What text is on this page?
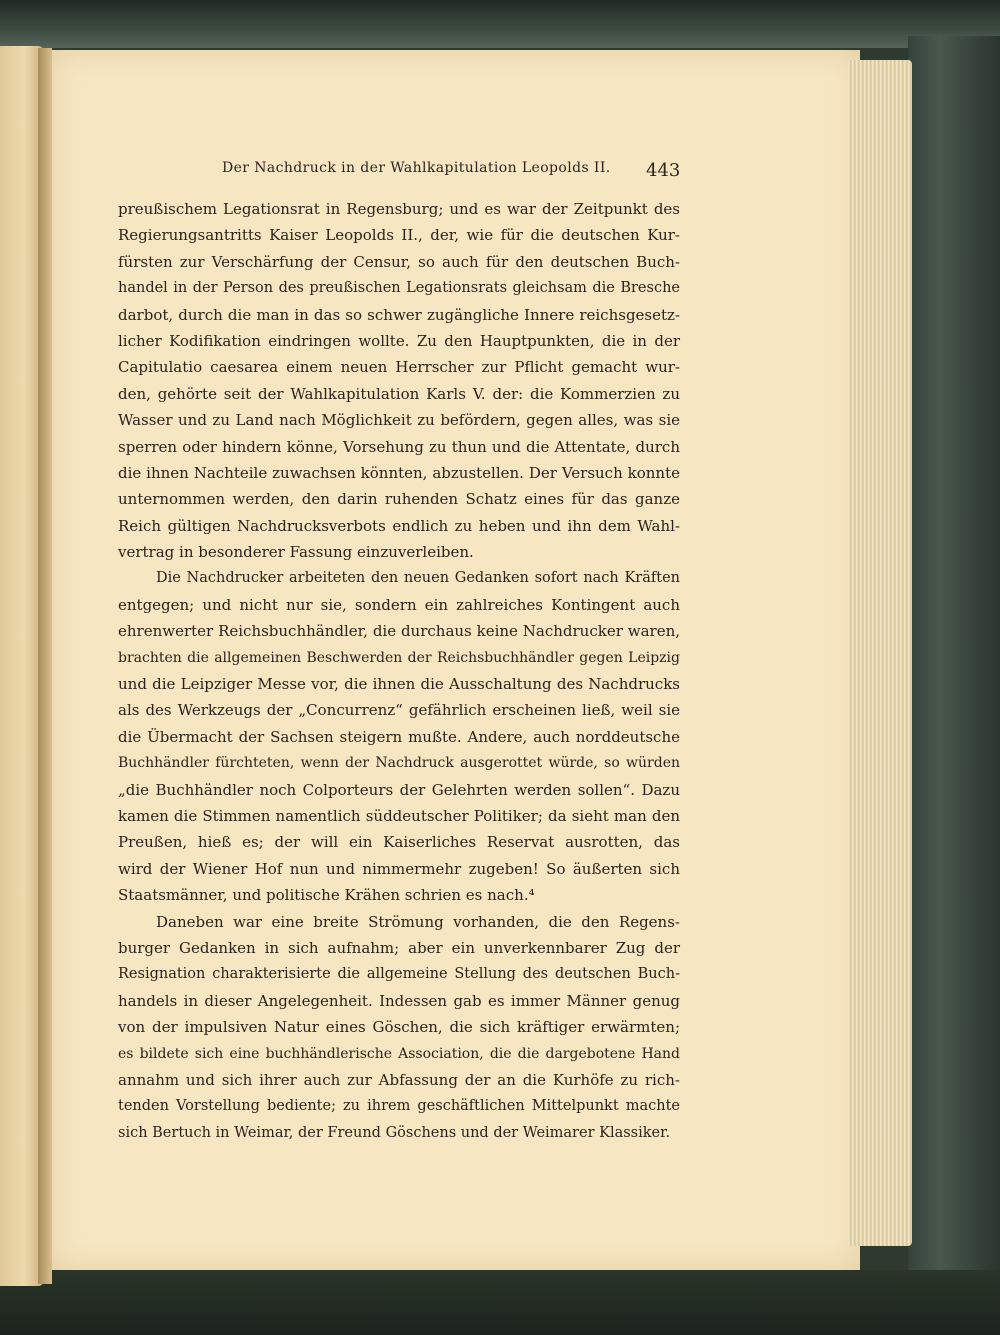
Der Nachdruck in der Wahlkapitulation Leopolds II. 443
preußischem Legationsrat in Regensburg; und es war der Zeitpunkt des
Regierungsantritts Kaiser Leopolds II., der, wie für die deutschen Kur-
fürsten zur Verschärfung der Censur, so auch für den deutschen Buch-
handel in der Person des preußischen Legationsrats gleichsam die Bresche
darbot, durch die man in das so schwer zugängliche Innere reichsgesetz-
licher Kodifikation eindringen wollte. Zu den Hauptpunkten, die in der
Capitulatio caesarea einem neuen Herrscher zur Pflicht gemacht wur-
den, gehörte seit der Wahlkapitulation Karls V. der: die Kommerzien zu
Wasser und zu Land nach Möglichkeit zu befördern, gegen alles, was sie
sperren oder hindern könne, Vorsehung zu thun und die Attentate, durch
die ihnen Nachteile zuwachsen könnten, abzustellen. Der Versuch konnte
unternommen werden, den darin ruhenden Schatz eines für das ganze
Reich gültigen Nachdrucksverbots endlich zu heben und ihn dem Wahl-
vertrag in besonderer Fassung einzuverleiben.
Die Nachdrucker arbeiteten den neuen Gedanken sofort nach Kräften
entgegen; und nicht nur sie, sondern ein zahlreiches Kontingent auch
ehrenwerter Reichsbuchhändler, die durchaus keine Nachdrucker waren,
brachten die allgemeinen Beschwerden der Reichsbuchhändler gegen Leipzig
und die Leipziger Messe vor, die ihnen die Ausschaltung des Nachdrucks
als des Werkzeugs der „Concurrenz“ gefährlich erscheinen ließ, weil sie
die Übermacht der Sachsen steigern mußte. Andere, auch norddeutsche
Buchhändler fürchteten, wenn der Nachdruck ausgerottet würde, so würden
„die Buchhändler noch Colporteurs der Gelehrten werden sollen“. Dazu
kamen die Stimmen namentlich süddeutscher Politiker; da sieht man den
Preußen, hieß es; der will ein Kaiserliches Reservat ausrotten, das
wird der Wiener Hof nun und nimmermehr zugeben! So äußerten sich
Staatsmänner, und politische Krähen schrien es nach.⁴
Daneben war eine breite Strömung vorhanden, die den Regens-
burger Gedanken in sich aufnahm; aber ein unverkennbarer Zug der
Resignation charakterisierte die allgemeine Stellung des deutschen Buch-
handels in dieser Angelegenheit. Indessen gab es immer Männer genug
von der impulsiven Natur eines Göschen, die sich kräftiger erwärmten;
es bildete sich eine buchhändlerische Association, die die dargebotene Hand
annahm und sich ihrer auch zur Abfassung der an die Kurhöfe zu rich-
tenden Vorstellung bediente; zu ihrem geschäftlichen Mittelpunkt machte
sich Bertuch in Weimar, der Freund Göschens und der Weimarer Klassiker.
